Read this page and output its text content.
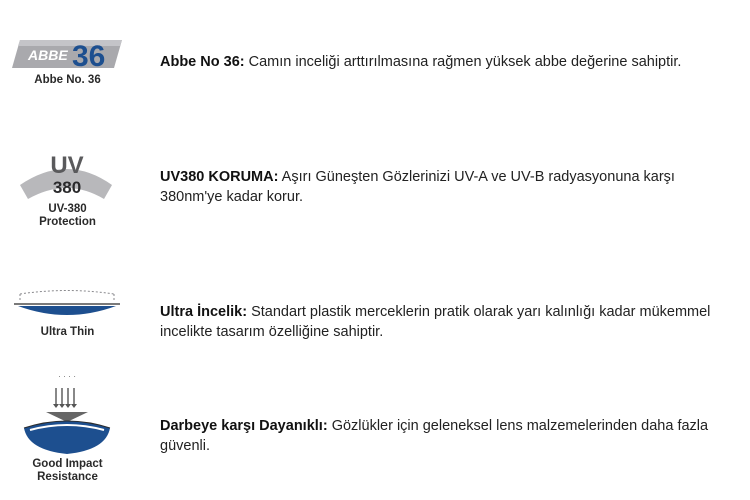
ABBE 36
Abbe No. 36
Abbe No 36: Camın inceliği arttırılmasına rağmen yüksek abbe değerine sahiptir.
UV
380
UV-380
Protection
UV380 KORUMA: Aşırı Güneşten Gözlerinizi UV-A ve UV-B radyasyonuna karşı 380nm'ye kadar korur.
Ultra Thin
Ultra İncelik: Standart plastik merceklerin pratik olarak yarı kalınlığı kadar mükemmel incelikte tasarım özelliğine sahiptir.
. . . .
Good Impact
Resistance
Darbeye karşı Dayanıklı: Gözlükler için geleneksel lens malzemelerinden daha fazla güvenli.
